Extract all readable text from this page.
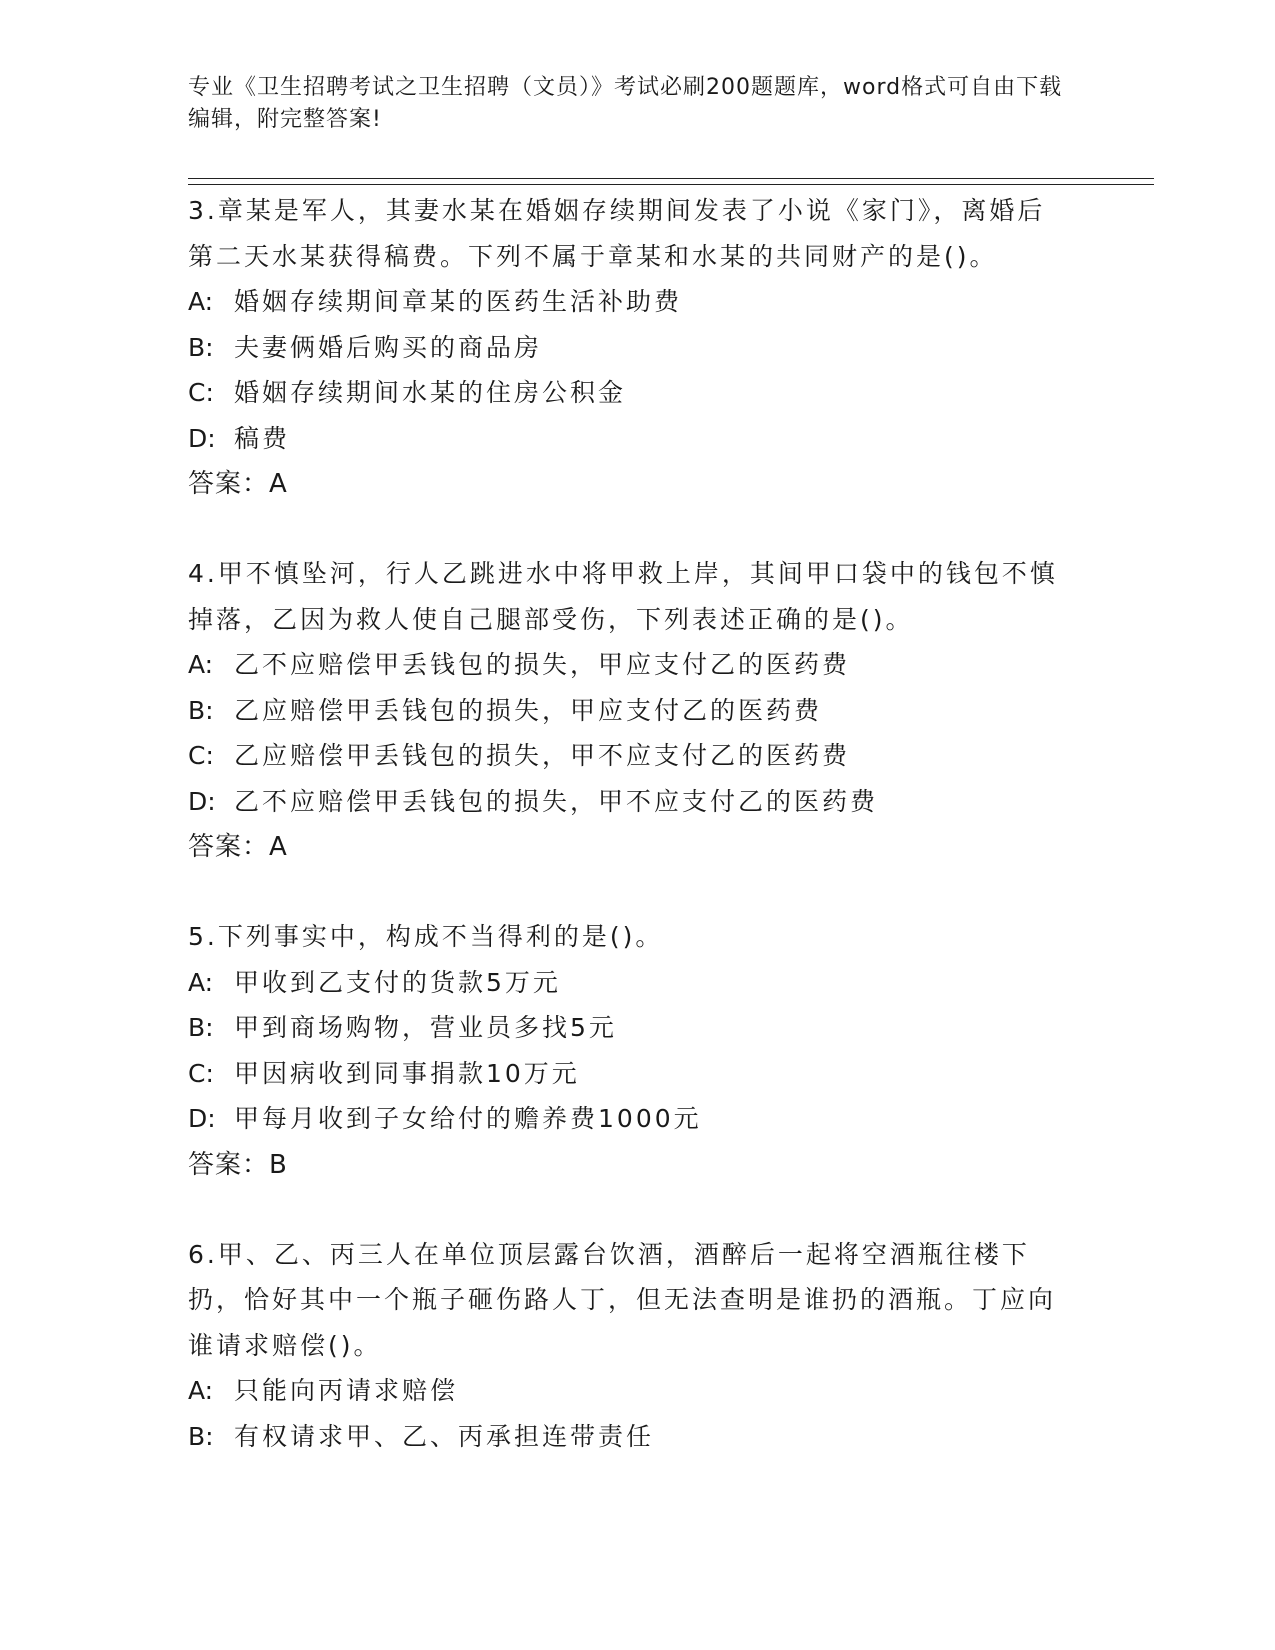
专业《卫生招聘考试之卫生招聘（文员）》考试必刷200题题库，word格式可自由下载编辑，附完整答案!

3.章某是军人，其妻水某在婚姻存续期间发表了小说《家门》，离婚后第二天水某获得稿费。下列不属于章某和水某的共同财产的是()。

A: 婚姻存续期间章某的医药生活补助费

B: 夫妻俩婚后购买的商品房

C: 婚姻存续期间水某的住房公积金

D: 稿费

答案：A

4.甲不慎坠河，行人乙跳进水中将甲救上岸，其间甲口袋中的钱包不慎掉落，乙因为救人使自己腿部受伤，下列表述正确的是()。

A: 乙不应赔偿甲丢钱包的损失，甲应支付乙的医药费

B: 乙应赔偿甲丢钱包的损失，甲应支付乙的医药费

C: 乙应赔偿甲丢钱包的损失，甲不应支付乙的医药费

D: 乙不应赔偿甲丢钱包的损失，甲不应支付乙的医药费

答案：A

5.下列事实中，构成不当得利的是()。

A: 甲收到乙支付的货款5万元

B: 甲到商场购物，营业员多找5元

C: 甲因病收到同事捐款10万元

D: 甲每月收到子女给付的赡养费1000元

答案：B

6.甲、乙、丙三人在单位顶层露台饮酒，酒醉后一起将空酒瓶往楼下扔，恰好其中一个瓶子砸伤路人丁，但无法查明是谁扔的酒瓶。丁应向谁请求赔偿()。

A: 只能向丙请求赔偿

B: 有权请求甲、乙、丙承担连带责任
